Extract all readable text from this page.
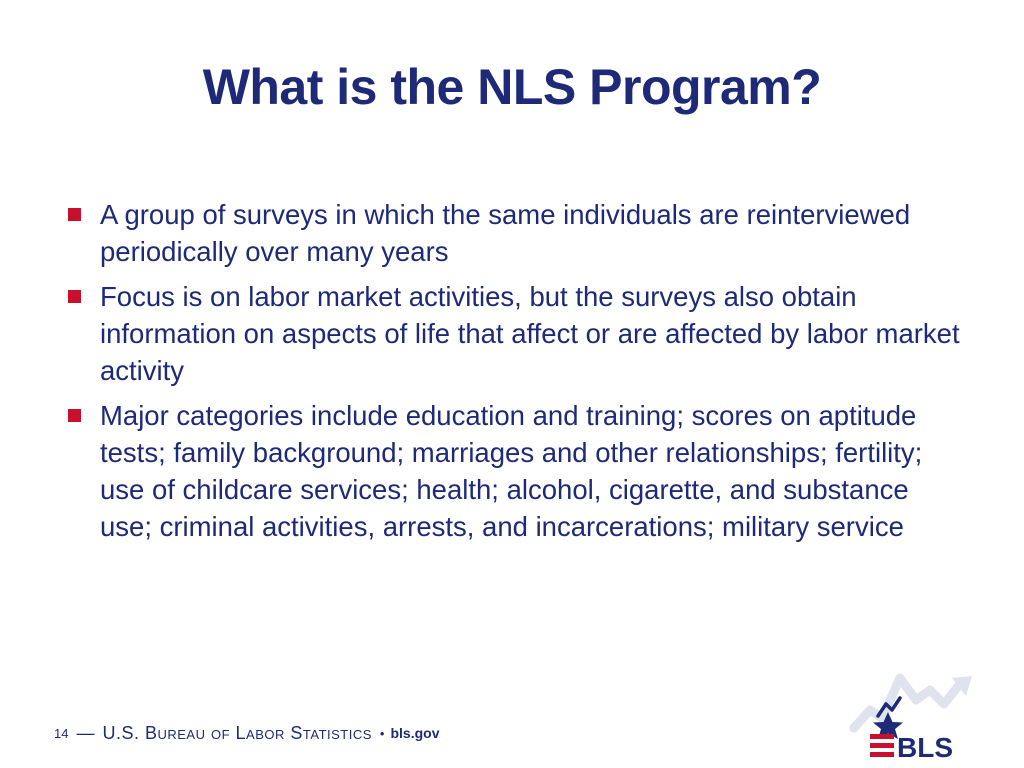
What is the NLS Program?
A group of surveys in which the same individuals are reinterviewed periodically over many years
Focus is on labor market activities, but the surveys also obtain information on aspects of life that affect or are affected by labor market activity
Major categories include education and training; scores on aptitude tests; family background; marriages and other relationships; fertility; use of childcare services; health; alcohol, cigarette, and substance use; criminal activities, arrests, and incarcerations; military service
14 — U.S. Bureau of Labor Statistics • bls.gov	BLS
